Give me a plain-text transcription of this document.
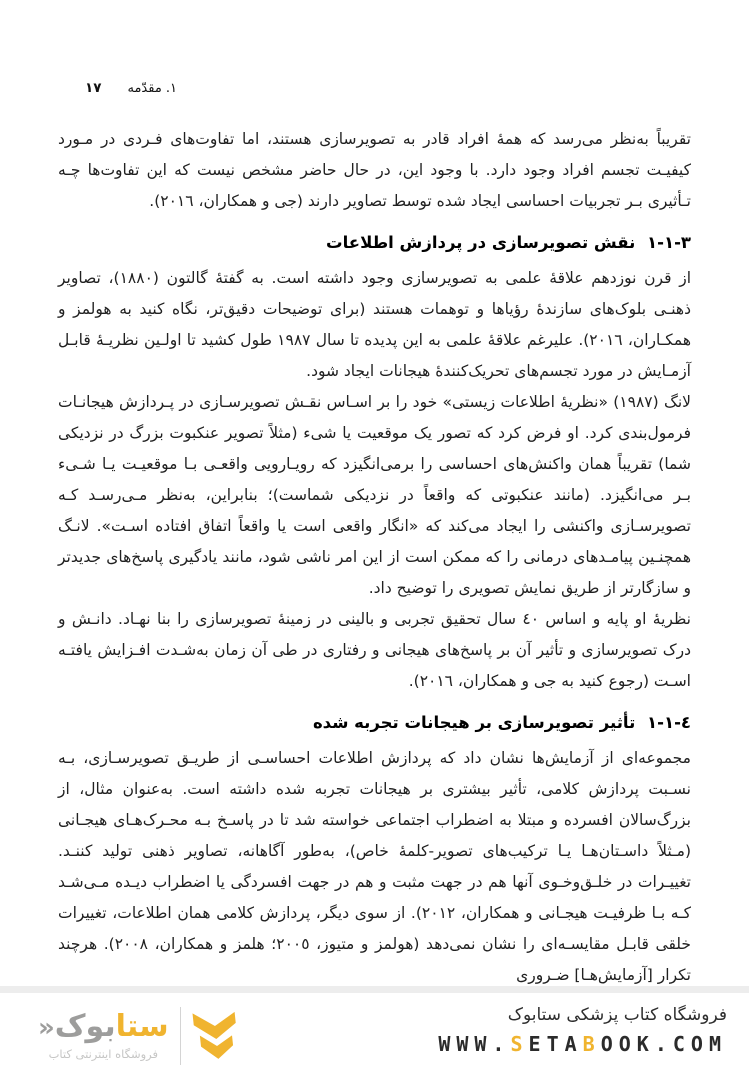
١٧ ١. مقدّمه

تقریباً به‌نظر می‌رسد که همهٔ افراد قادر به تصویرسازی هستند، اما تفاوت‌های فـردی در مـورد کیفیـت تجسم افراد وجود دارد. با وجود این، در حال حاضر مشخص نیست که این تفاوت‌ها چـه تـأثیری بـر تجربیات احساسی ایجاد شده توسط تصاویر دارند (جی و همکاران، ٢٠١٦).

٣-١-١ نقش تصویرسازی در پردازش اطلاعات

از قرن نوزدهم علاقهٔ علمی به تصویرسازی وجود داشته است. به گفتهٔ گالتون (١٨٨٠)، تصاویر ذهنـی بلوک‌های سازندهٔ رؤیاها و توهمات هستند (برای توضیحات دقیق‌تر، نگاه کنید به هولمز و همکـاران، ٢٠١٦). علیرغم علاقهٔ علمی به این پدیده تا سال ١٩٨٧ طول کشید تا اولـین نظریـهٔ قابـل آزمـایش در مورد تجسم‌های تحریک‌کنندهٔ هیجانات ایجاد شود.

لانگ (١٩٨٧) «نظریهٔ اطلاعات زیستی» خود را بر اسـاس نقـش تصویرسـازی در پـردازش هیجانـات فرمول‌بندی کرد. او فرض کرد که تصور یک موقعیت یا شیء (مثلاً تصویر عنکبوت بزرگ در نزدیکی شما) تقریباً همان واکنش‌های احساسی را برمی‌انگیزد که رویـارویی واقعـی بـا موقعیـت یـا شـیء بـر می‌انگیزد. (مانند عنکبوتی که واقعاً در نزدیکی شماست)؛ بنابراین، به‌نظر مـی‌رسـد کـه تصویرسـازی واکنشی را ایجاد می‌کند که «انگار واقعی است یا واقعاً اتفاق افتاده اسـت». لانـگ همچنـین پیامـدهای درمانی را که ممکن است از این امر ناشی شود، مانند یادگیری پاسخ‌های جدیدتر و سازگارتر از طریق نمایش تصویری را توضیح داد.

نظریهٔ او پایه و اساس ٤٠ سال تحقیق تجربی و بالینی در زمینهٔ تصویرسازی را بنا نهـاد. دانـش و درک تصویرسازی و تأثیر آن بر پاسخ‌های هیجانی و رفتاری در طی آن زمان به‌شـدت افـزایش یافتـه اسـت (رجوع کنید به جی و همکاران، ٢٠١٦).

٤-١-١ تأثیر تصویرسازی بر هیجانات تجربه شده

مجموعه‌ای از آزمایش‌ها نشان داد که پردازش اطلاعات احساسـی از طریـق تصویرسـازی، بـه نسـبت پردازش کلامی، تأثیر بیشتری بر هیجانات تجربه شده داشته است. به‌عنوان مثال، از بزرگ‌سالان افسرده و مبتلا به اضطراب اجتماعی خواسته شد تا در پاسـخ بـه محـرک‌هـای هیجـانی (مـثلاً داسـتان‌هـا یـا ترکیب‌های تصویر-کلمهٔ خاص)، به‌طور آگاهانه، تصاویر ذهنی تولید کننـد. تغییـرات در خلـق‌وخـوی آنها هم در جهت مثبت و هم در جهت افسردگی یا اضطراب دیـده مـی‌شـد کـه بـا ظرفیـت هیجـانی و همکاران، ٢٠١٢). از سوی دیگر، پردازش کلامی همان اطلاعات، تغییرات خلقی قابـل مقایسـه‌ای را نشان نمی‌دهد (هولمز و متیوز، ٢٠٠٥؛ هلمز و همکاران، ٢٠٠٨). هرچند تکرار [آزمایش‌هـا] ضـروری

فروشگاه کتاب پزشکی ستابوک
WWW.SETABOOK.COM
ستابوک«
فروشگاه اینترنتی کتاب
